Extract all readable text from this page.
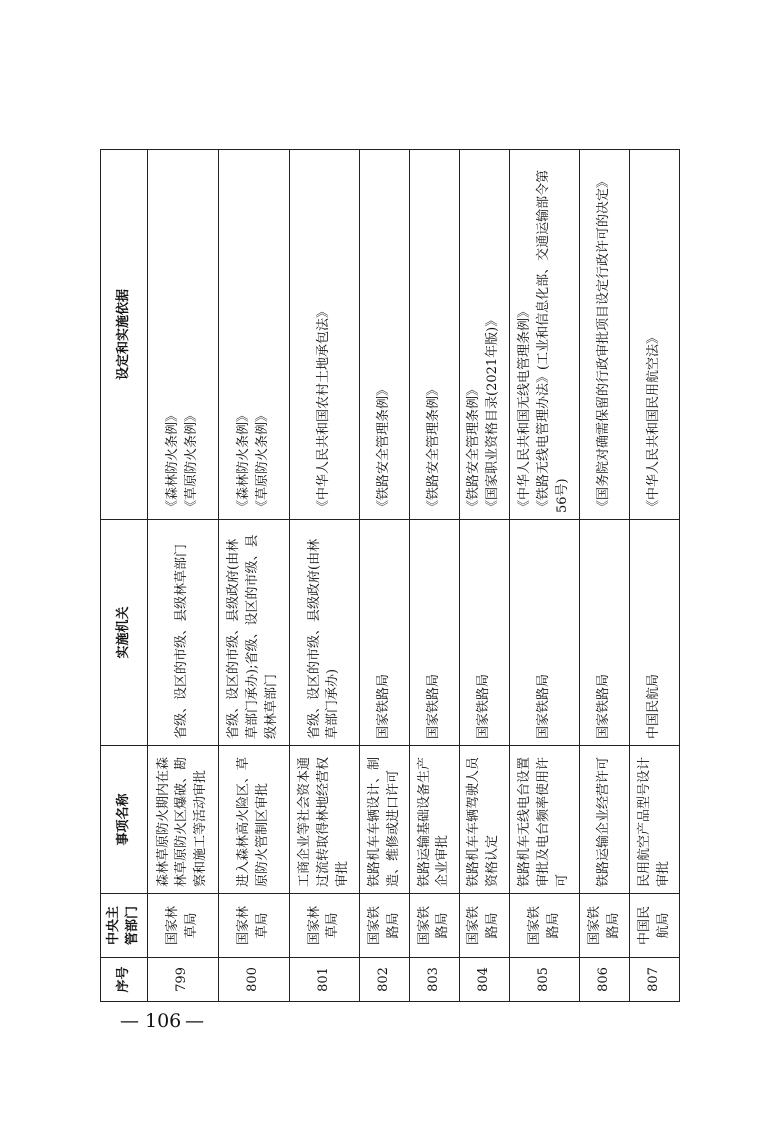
序号	中央主管部门	事项名称	实施机关	设定和实施依据
799	国家林草局	森林草原防火期内在森林草原防火区爆破、勘察和施工等活动审批	省级、设区的市级、县级林草部门	《森林防火条例》 《草原防火条例》

800	国家林草局	进入森林高火险区、草原防火管制区审批	省级、设区的市级、县级政府(由林草部门承办);省级、设区的市级、县级林草部门	《森林防火条例》 《草原防火条例》

801	国家林草局	工商企业等社会资本通过流转取得林地经营权审批	省级、设区的市级、县级政府(由林草部门承办)	《中华人民共和国农村土地承包法》

802	国家铁路局	铁路机车车辆设计、制造、维修或进口许可	国家铁路局	《铁路安全管理条例》

803	国家铁路局	铁路运输基础设备生产企业审批	国家铁路局	《铁路安全管理条例》

804	国家铁路局	铁路机车车辆驾驶人员资格认定	国家铁路局	《铁路安全管理条例》 《国家职业资格目录(2021年版)》

805	国家铁路局	铁路机车无线电台设置审批及电台频率使用许可	国家铁路局	《中华人民共和国无线电管理条例》 《铁路无线电管理办法》(工业和信息化部、交通运输部令第56号)

806	国家铁路局	铁路运输企业经营许可	国家铁路局	《国务院对确需保留的行政审批项目设定行政许可的决定》

807	中国民航局	民用航空产品型号设计审批	中国民航局	《中华人民共和国民用航空法》
— 106 —
